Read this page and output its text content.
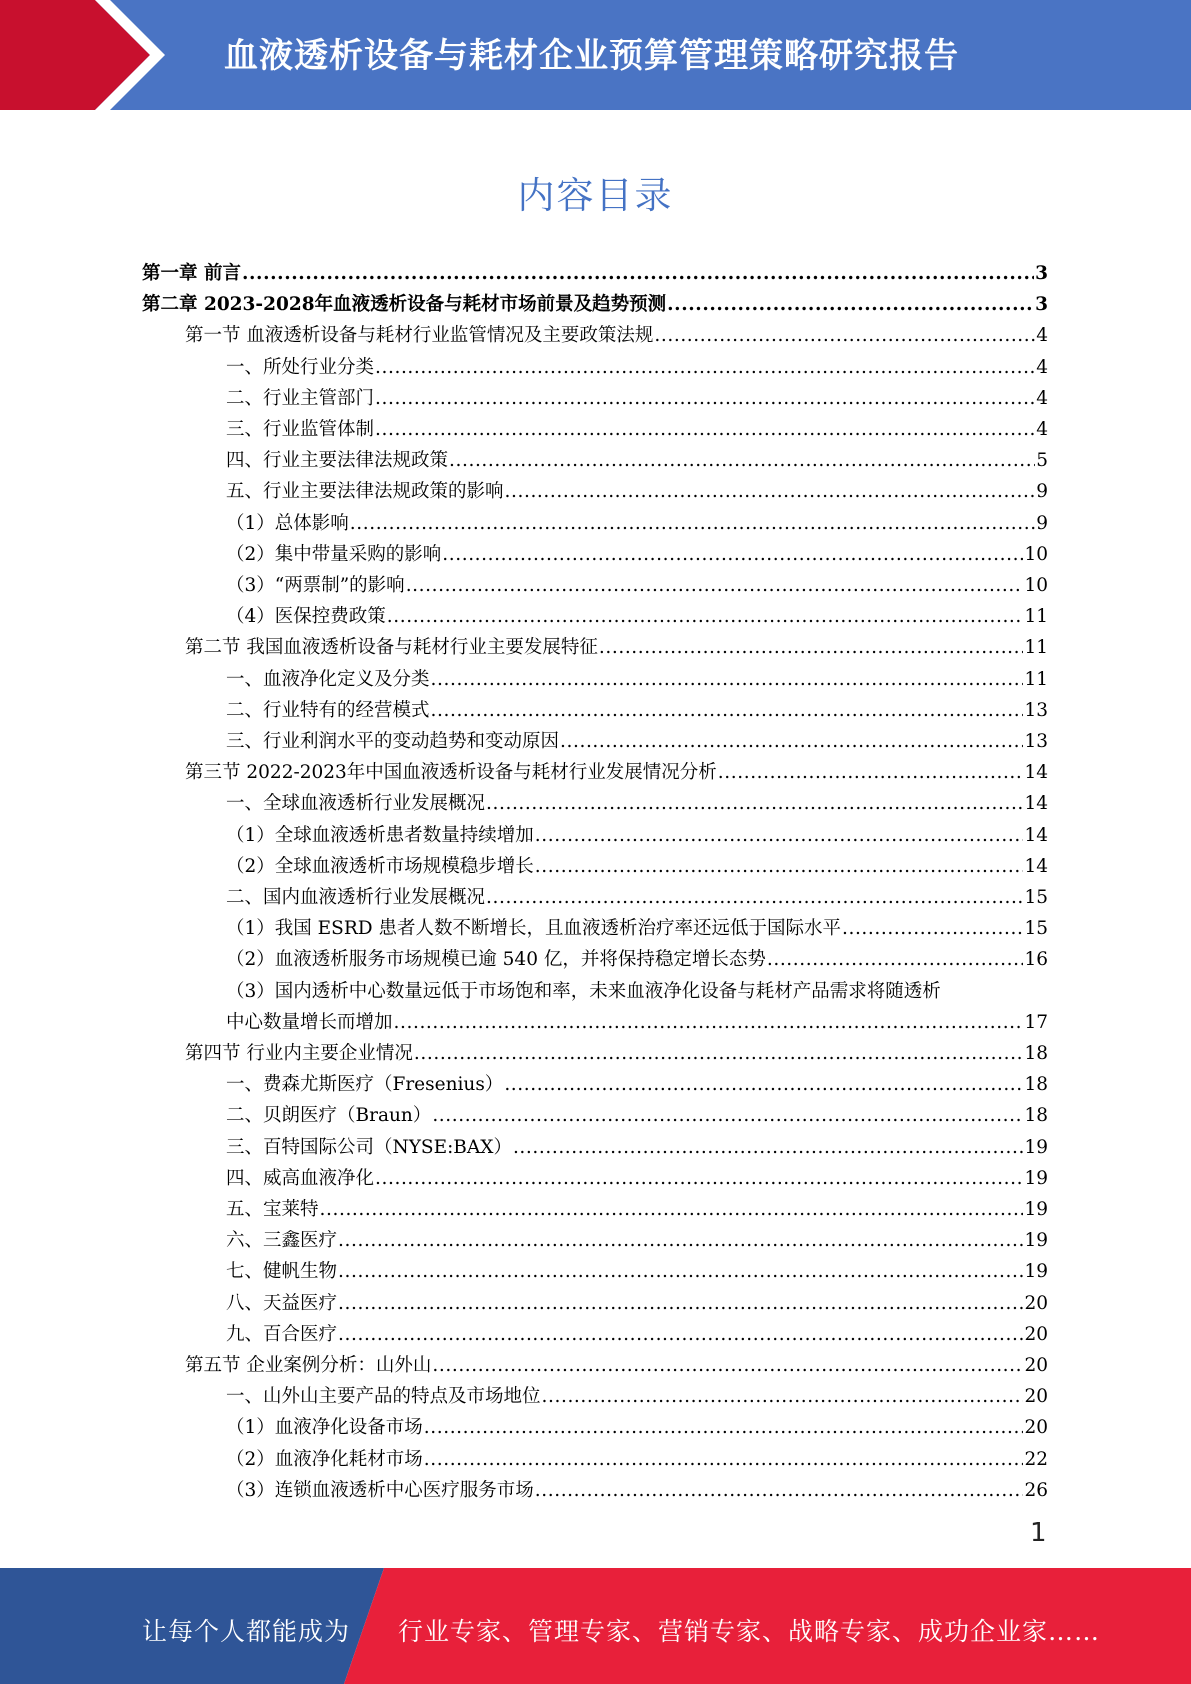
血液透析设备与耗材企业预算管理策略研究报告
内容目录
第一章 前言 .....	3
第二章 2023-2028年血液透析设备与耗材市场前景及趋势预测 .....	3
第一节 血液透析设备与耗材行业监管情况及主要政策法规 .....	4
一、所处行业分类 .....	4
二、行业主管部门 .....	4
三、行业监管体制 .....	4
四、行业主要法律法规政策 .....	5
五、行业主要法律法规政策的影响 .....	9
（1）总体影响 .....	9
（2）集中带量采购的影响 .....	10
（3）“两票制”的影响 .....	10
（4）医保控费政策 .....	11
第二节 我国血液透析设备与耗材行业主要发展特征 .....	11
一、血液净化定义及分类 .....	11
二、行业特有的经营模式 .....	13
三、行业利润水平的变动趋势和变动原因 .....	13
第三节 2022-2023年中国血液透析设备与耗材行业发展情况分析 .....	14
一、全球血液透析行业发展概况 .....	14
（1）全球血液透析患者数量持续增加 .....	14
（2）全球血液透析市场规模稳步增长 .....	14
二、国内血液透析行业发展概况 .....	15
（1）我国 ESRD 患者人数不断增长，且血液透析治疗率还远低于国际水平 .....	15
（2）血液透析服务市场规模已逾 540 亿，并将保持稳定增长态势 .....	16
（3）国内透析中心数量远低于市场饱和率，未来血液净化设备与耗材产品需求将随透析
中心数量增长而增加 .....	17
第四节 行业内主要企业情况 .....	18
一、费森尤斯医疗（Fresenius） .....	18
二、贝朗医疗（Braun） .....	18
三、百特国际公司（NYSE:BAX） .....	19
四、威高血液净化 .....	19
五、宝莱特 .....	19
六、三鑫医疗 .....	19
七、健帆生物 .....	19
八、天益医疗 .....	20
九、百合医疗 .....	20
第五节 企业案例分析：山外山 .....	20
一、山外山主要产品的特点及市场地位 .....	20
（1）血液净化设备市场 .....	20
（2）血液净化耗材市场 .....	22
（3）连锁血液透析中心医疗服务市场 .....	26
1
让每个人都能成为 行业专家、管理专家、营销专家、战略专家、成功企业家……
